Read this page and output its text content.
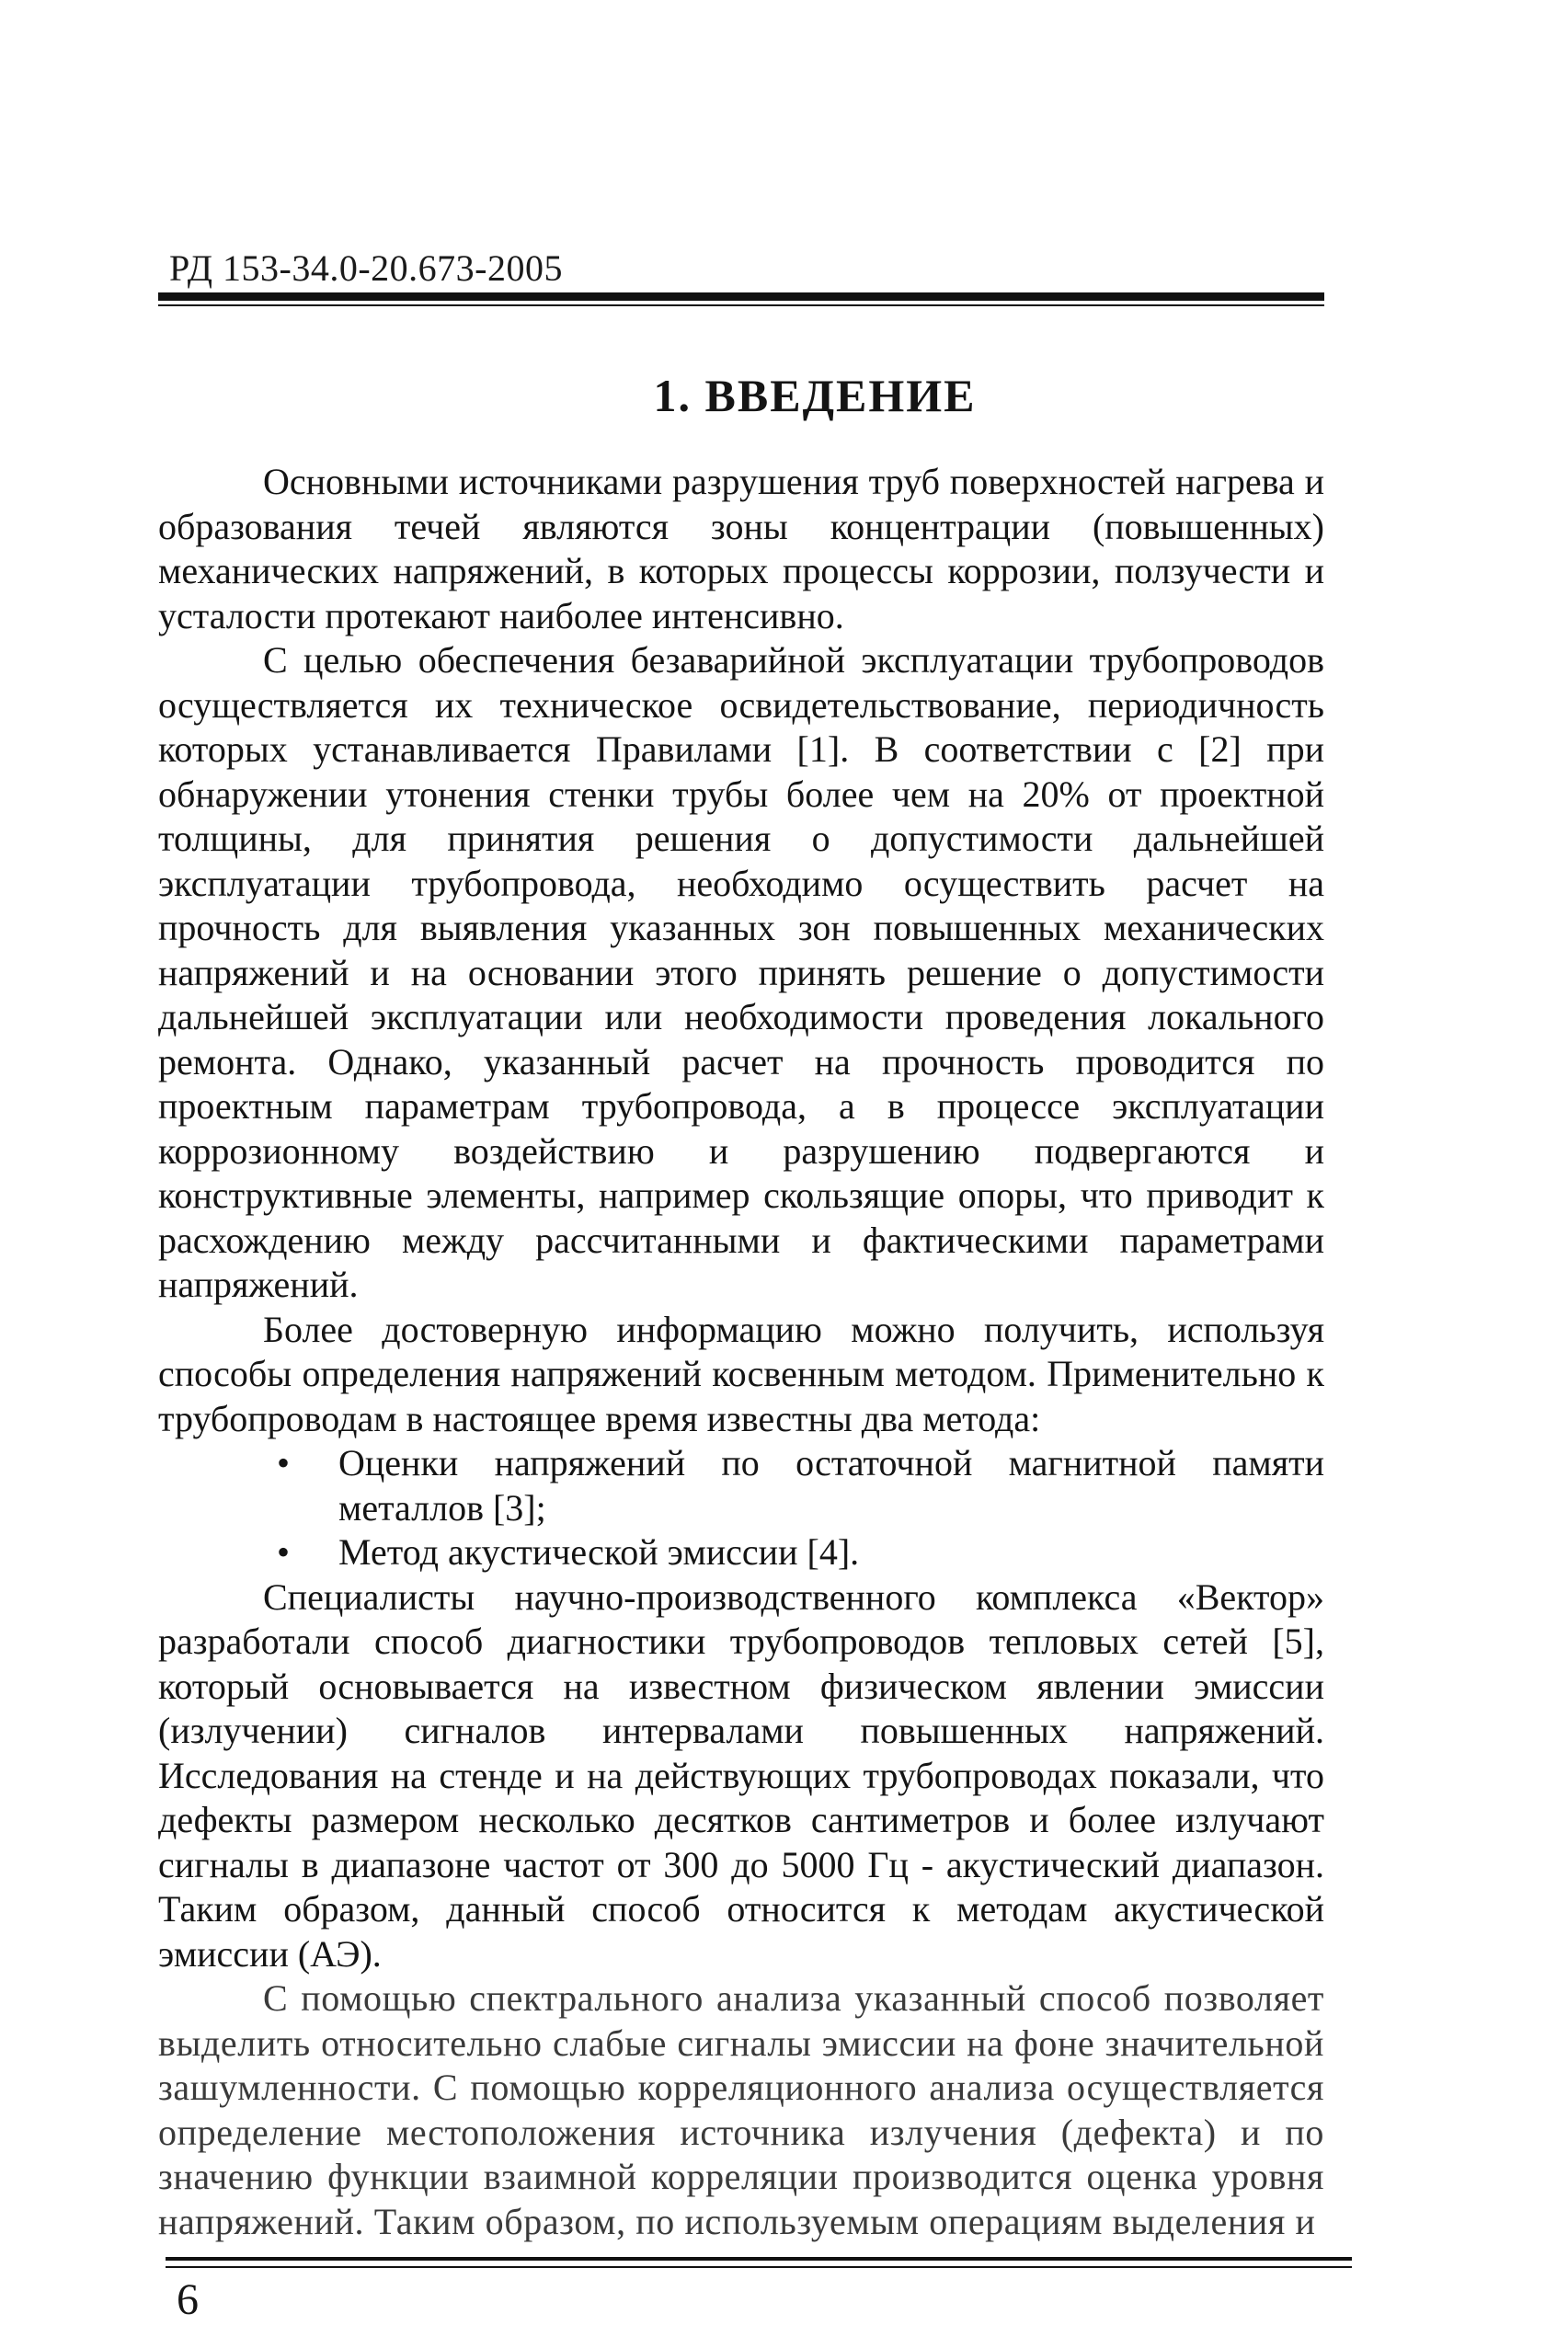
РД 153-34.0-20.673-2005
1. ВВЕДЕНИЕ

Основными источниками разрушения труб поверхностей нагрева и образования течей являются зоны концентрации (повышенных) механических напряжений, в которых процессы коррозии, ползучести и усталости протекают наиболее интенсивно.

С целью обеспечения безаварийной эксплуатации трубопроводов осуществляется их техническое освидетельствование, периодичность которых устанавливается Правилами [1]. В соответствии с [2] при обнаружении утонения стенки трубы более чем на 20% от проектной толщины, для принятия решения о допустимости дальнейшей эксплуатации трубопровода, необходимо осуществить расчет на прочность для выявления указанных зон повышенных механических напряжений и на основании этого принять решение о допустимости дальнейшей эксплуатации или необходимости проведения локального ремонта. Однако, указанный расчет на прочность проводится по проектным параметрам трубопровода, а в процессе эксплуатации коррозионному воздействию и разрушению подвергаются и конструктивные элементы, например скользящие опоры, что приводит к расхождению между рассчитанными и фактическими параметрами напряжений.

Более достоверную информацию можно получить, используя способы определения напряжений косвенным методом. Применительно к трубопроводам в настоящее время известны два метода:

•	Оценки напряжений по остаточной магнитной памяти металлов [3];
•	Метод акустической эмиссии [4].

Специалисты научно-производственного комплекса «Вектор» разработали способ диагностики трубопроводов тепловых сетей [5], который основывается на известном физическом явлении эмиссии (излучении) сигналов интервалами повышенных напряжений. Исследования на стенде и на действующих трубопроводах показали, что дефекты размером несколько десятков сантиметров и более излучают сигналы в диапазоне частот от 300 до 5000 Гц - акустический диапазон. Таким образом, данный способ относится к методам акустической эмиссии (АЭ).

С помощью спектрального анализа указанный способ позволяет выделить относительно слабые сигналы эмиссии на фоне значительной зашумленности. С помощью корреляционного анализа осуществляется определение местоположения источника излучения (дефекта) и по значению функции взаимной корреляции производится оценка уровня напряжений. Таким образом, по используемым операциям выделения и

6
